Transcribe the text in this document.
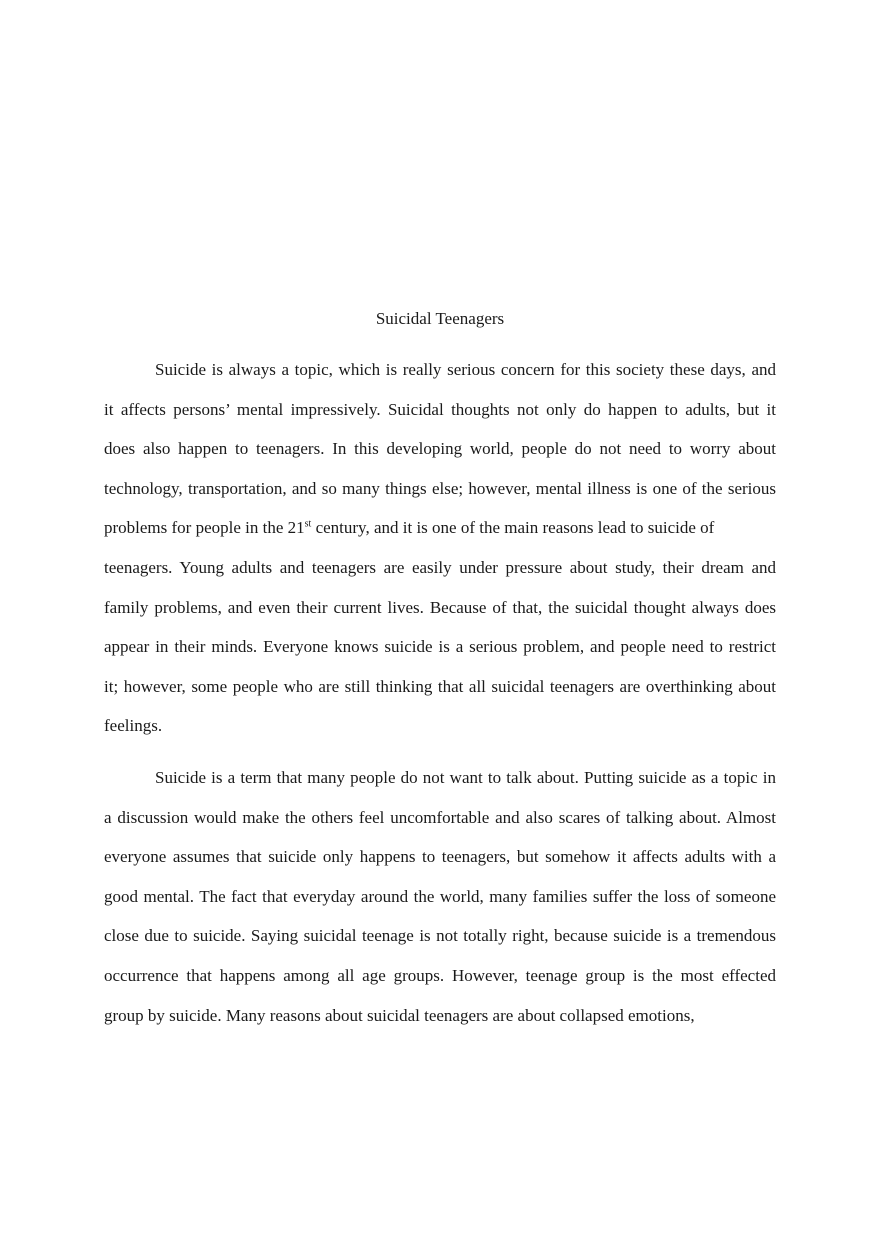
Suicidal Teenagers
Suicide is always a topic, which is really serious concern for this society these days, and
it affects persons’ mental impressively. Suicidal thoughts not only do happen to adults, but it
does also happen to teenagers. In this developing world, people do not need to worry about
technology, transportation, and so many things else; however, mental illness is one of the serious
problems for people in the 21st century, and it is one of the main reasons lead to suicide of
teenagers. Young adults and teenagers are easily under pressure about study, their dream and
family problems, and even their current lives. Because of that, the suicidal thought always does
appear in their minds. Everyone knows suicide is a serious problem, and people need to restrict
it; however, some people who are still thinking that all suicidal teenagers are overthinking about
feelings.
Suicide is a term that many people do not want to talk about. Putting suicide as a topic in
a discussion would make the others feel uncomfortable and also scares of talking about. Almost
everyone assumes that suicide only happens to teenagers, but somehow it affects adults with a
good mental. The fact that everyday around the world, many families suffer the loss of someone
close due to suicide. Saying suicidal teenage is not totally right, because suicide is a tremendous
occurrence that happens among all age groups. However, teenage group is the most effected
group by suicide. Many reasons about suicidal teenagers are about collapsed emotions,
